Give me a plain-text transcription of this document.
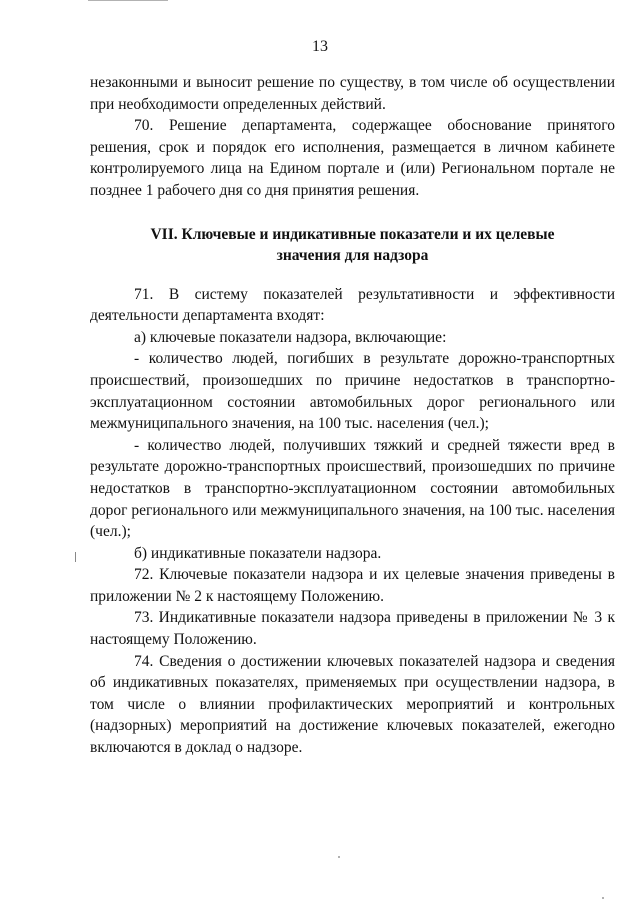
13

незаконными и выносит решение по существу, в том числе об осуществлении при необходимости определенных действий.

70. Решение департамента, содержащее обоснование принятого решения, срок и порядок его исполнения, размещается в личном кабинете контролируемого лица на Едином портале и (или) Региональном портале не позднее 1 рабочего дня со дня принятия решения.

VII. Ключевые и индикативные показатели и их целевые значения для надзора

71. В систему показателей результативности и эффективности деятельности департамента входят:

а) ключевые показатели надзора, включающие:

- количество людей, погибших в результате дорожно-транспортных происшествий, произошедших по причине недостатков в транспортно-эксплуатационном состоянии автомобильных дорог регионального или межмуниципального значения, на 100 тыс. населения (чел.);

- количество людей, получивших тяжкий и средней тяжести вред в результате дорожно-транспортных происшествий, произошедших по причине недостатков в транспортно-эксплуатационном состоянии автомобильных дорог регионального или межмуниципального значения, на 100 тыс. населения (чел.);

б) индикативные показатели надзора.

72. Ключевые показатели надзора и их целевые значения приведены в приложении № 2 к настоящему Положению.

73. Индикативные показатели надзора приведены в приложении № 3 к настоящему Положению.

74. Сведения о достижении ключевых показателей надзора и сведения об индикативных показателях, применяемых при осуществлении надзора, в том числе о влиянии профилактических мероприятий и контрольных (надзорных) мероприятий на достижение ключевых показателей, ежегодно включаются в доклад о надзоре.
